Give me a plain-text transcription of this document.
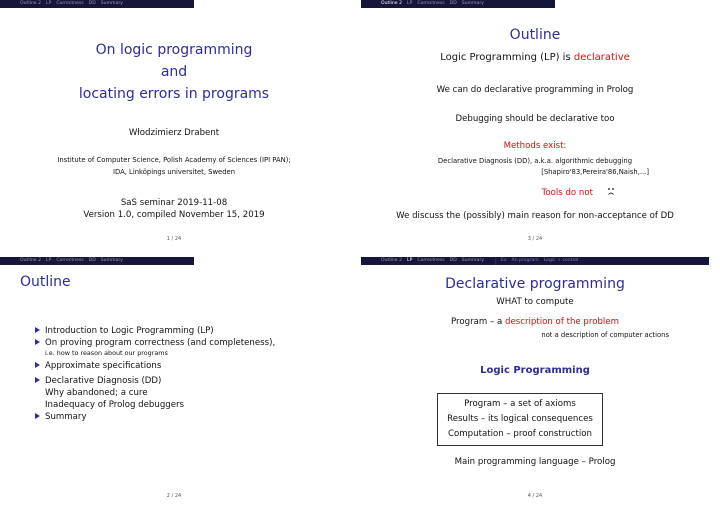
Outline 2 LP Correctness DD Summary
On logic programming
and
locating errors in programs
Włodzimierz Drabent
Institute of Computer Science, Polish Academy of Sciences (IPI PAN);
IDA, Linköpings universitet, Sweden
SaS seminar 2019-11-08
Version 1.0, compiled November 15, 2019
1 / 24
Outline 2 LP Correctness DD Summary
Outline
Logic Programming (LP) is declarative
We can do declarative programming in Prolog
Debugging should be declarative too
Methods exist:
Declarative Diagnosis (DD), a.k.a. algorithmic debugging
[Shapiro'83,Pereira'86,Naish,...]
Tools do not
We discuss the (possibly) main reason for non-acceptance of DD
3 / 24
Outline 2 LP Correctness DD Summary
Outline
Introduction to Logic Programming (LP)
On proving program correctness (and completeness),
i.e. how to reason about our programs
Approximate specifications
Declarative Diagnosis (DD)
Why abandoned; a cure
Inadequacy of Prolog debuggers
Summary
2 / 24
Outline 2 LP Correctness DD Summary	Ex An program Logic + control
Declarative programming
WHAT to compute
Program – a description of the problem
not a description of computer actions
Logic Programming
Program – a set of axioms
Results – its logical consequences
Computation – proof construction
Main programming language – Prolog
4 / 24
